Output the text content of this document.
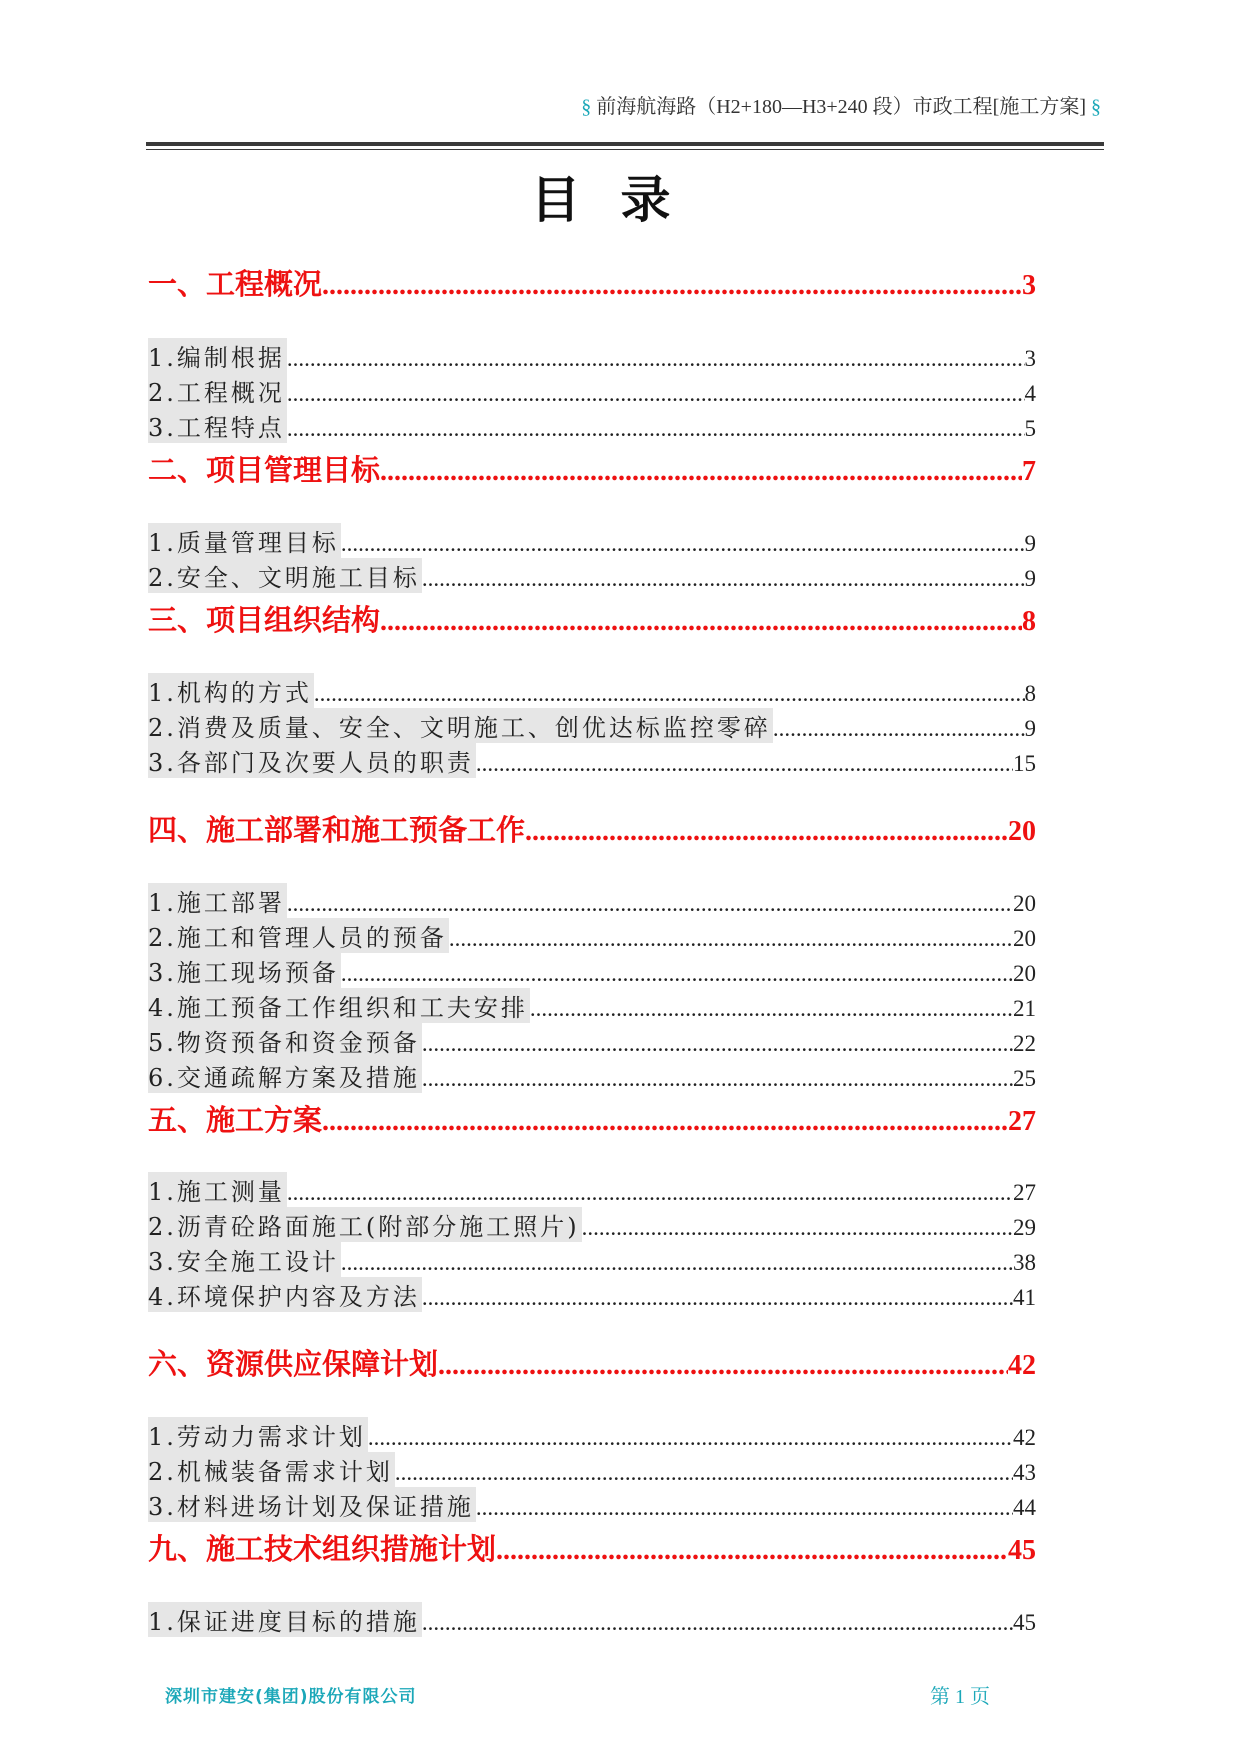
§ 前海航海路（H2+180—H3+240 段）市政工程[施工方案] §
目录
一、工程概况 .....	3
1.编制根据 .....	3
2.工程概况 .....	4
3.工程特点 .....	5
二、项目管理目标 .....	7
1.质量管理目标 .....	9
2.安全、文明施工目标 .....	9
三、项目组织结构 .....	8
1.机构的方式 .....	8
2.消费及质量、安全、文明施工、创优达标监控零碎 .....	9
3.各部门及次要人员的职责 .....	15
四、施工部署和施工预备工作 .....	20
1.施工部署 .....	20
2.施工和管理人员的预备 .....	20
3.施工现场预备 .....	20
4.施工预备工作组织和工夫安排 .....	21
5.物资预备和资金预备 .....	22
6.交通疏解方案及措施 .....	25
五、施工方案 .....	27
1.施工测量 .....	27
2.沥青砼路面施工(附部分施工照片) .....	29
3.安全施工设计 .....	38
4.环境保护内容及方法 .....	41
六、资源供应保障计划 .....	42
1.劳动力需求计划 .....	42
2.机械装备需求计划 .....	43
3.材料进场计划及保证措施 .....	44
九、施工技术组织措施计划 .....	45
1.保证进度目标的措施 .....	45
深圳市建安(集团)股份有限公司	第 1 页
